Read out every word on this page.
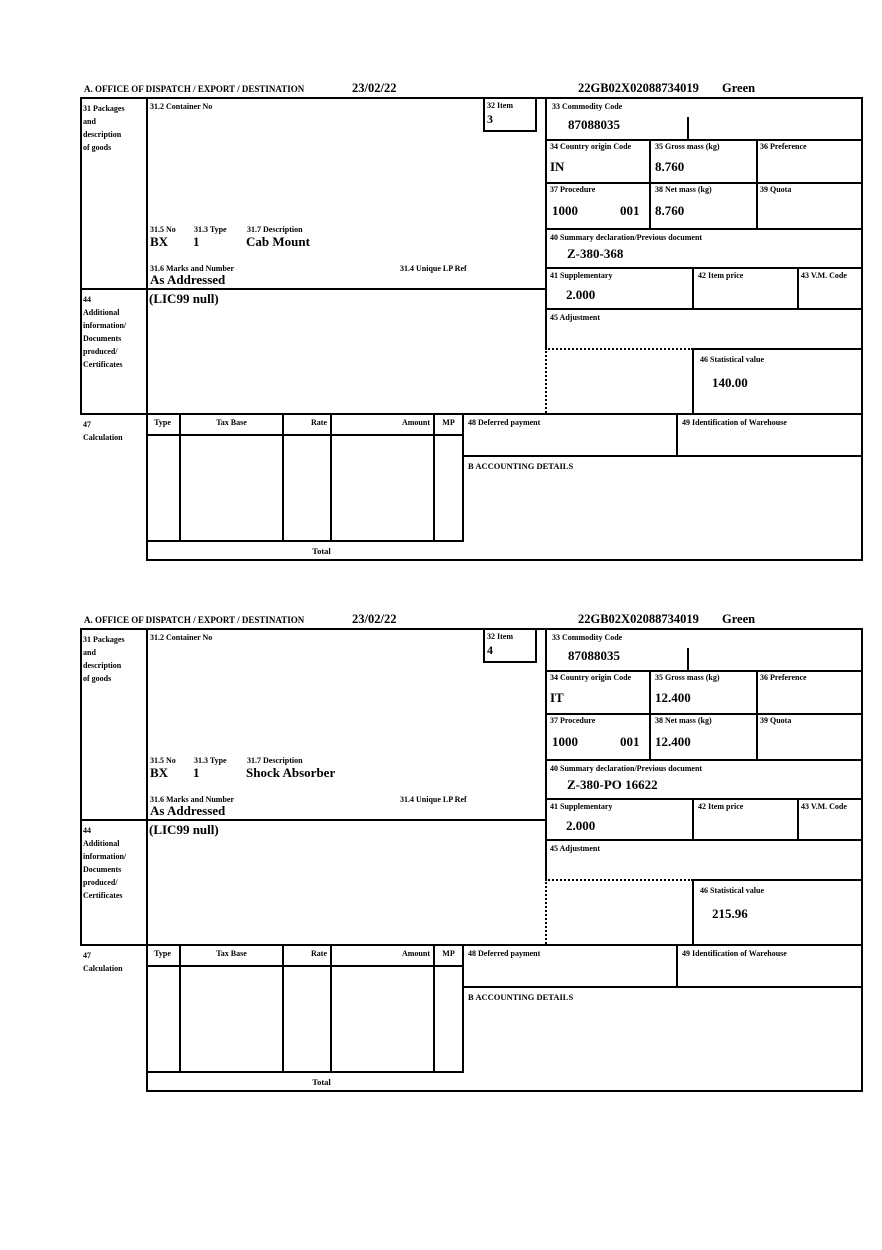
A. OFFICE OF DISPATCH / EXPORT / DESTINATION	23/02/22	22GB02X02088734019 Green
31 Packages
and
description
of goods
31.2 Container No	32 Item
3
33 Commodity Code
87088035
34 Country origin Code
IN
35 Gross mass (kg)
8.760
36 Preference
37 Procedure
1000	001
38 Net mass (kg)
8.760
39 Quota
40 Summary declaration/Previous document
Z-380-368
41 Supplementary
2.000
42 Item price	43 V.M. Code
45 Adjustment
46 Statistical value
140.00
31.5 No 31.3 Type	31.7 Description
BX 1	Cab Mount
31.6 Marks and Number	31.4 Unique LP Ref
As Addressed
44
Additional
information/
Documents
produced/
Certificates
(LIC99 null)
47
Calculation
Type	Tax Base	Rate	Amount	MP
Total
48 Deferred payment	49 Identification of Warehouse
B ACCOUNTING DETAILS
A. OFFICE OF DISPATCH / EXPORT / DESTINATION	23/02/22	22GB02X02088734019 Green
31 Packages
and
description
of goods
31.2 Container No	32 Item
4
33 Commodity Code
87088035
34 Country origin Code
IT
35 Gross mass (kg)
12.400
36 Preference
37 Procedure
1000	001
38 Net mass (kg)
12.400
39 Quota
40 Summary declaration/Previous document
Z-380-PO 16622
41 Supplementary
2.000
42 Item price	43 V.M. Code
45 Adjustment
46 Statistical value
215.96
31.5 No 31.3 Type	31.7 Description
BX 1	Shock Absorber
31.6 Marks and Number	31.4 Unique LP Ref
As Addressed
44
Additional
information/
Documents
produced/
Certificates
(LIC99 null)
47
Calculation
Type	Tax Base	Rate	Amount	MP
Total
48 Deferred payment	49 Identification of Warehouse
B ACCOUNTING DETAILS
